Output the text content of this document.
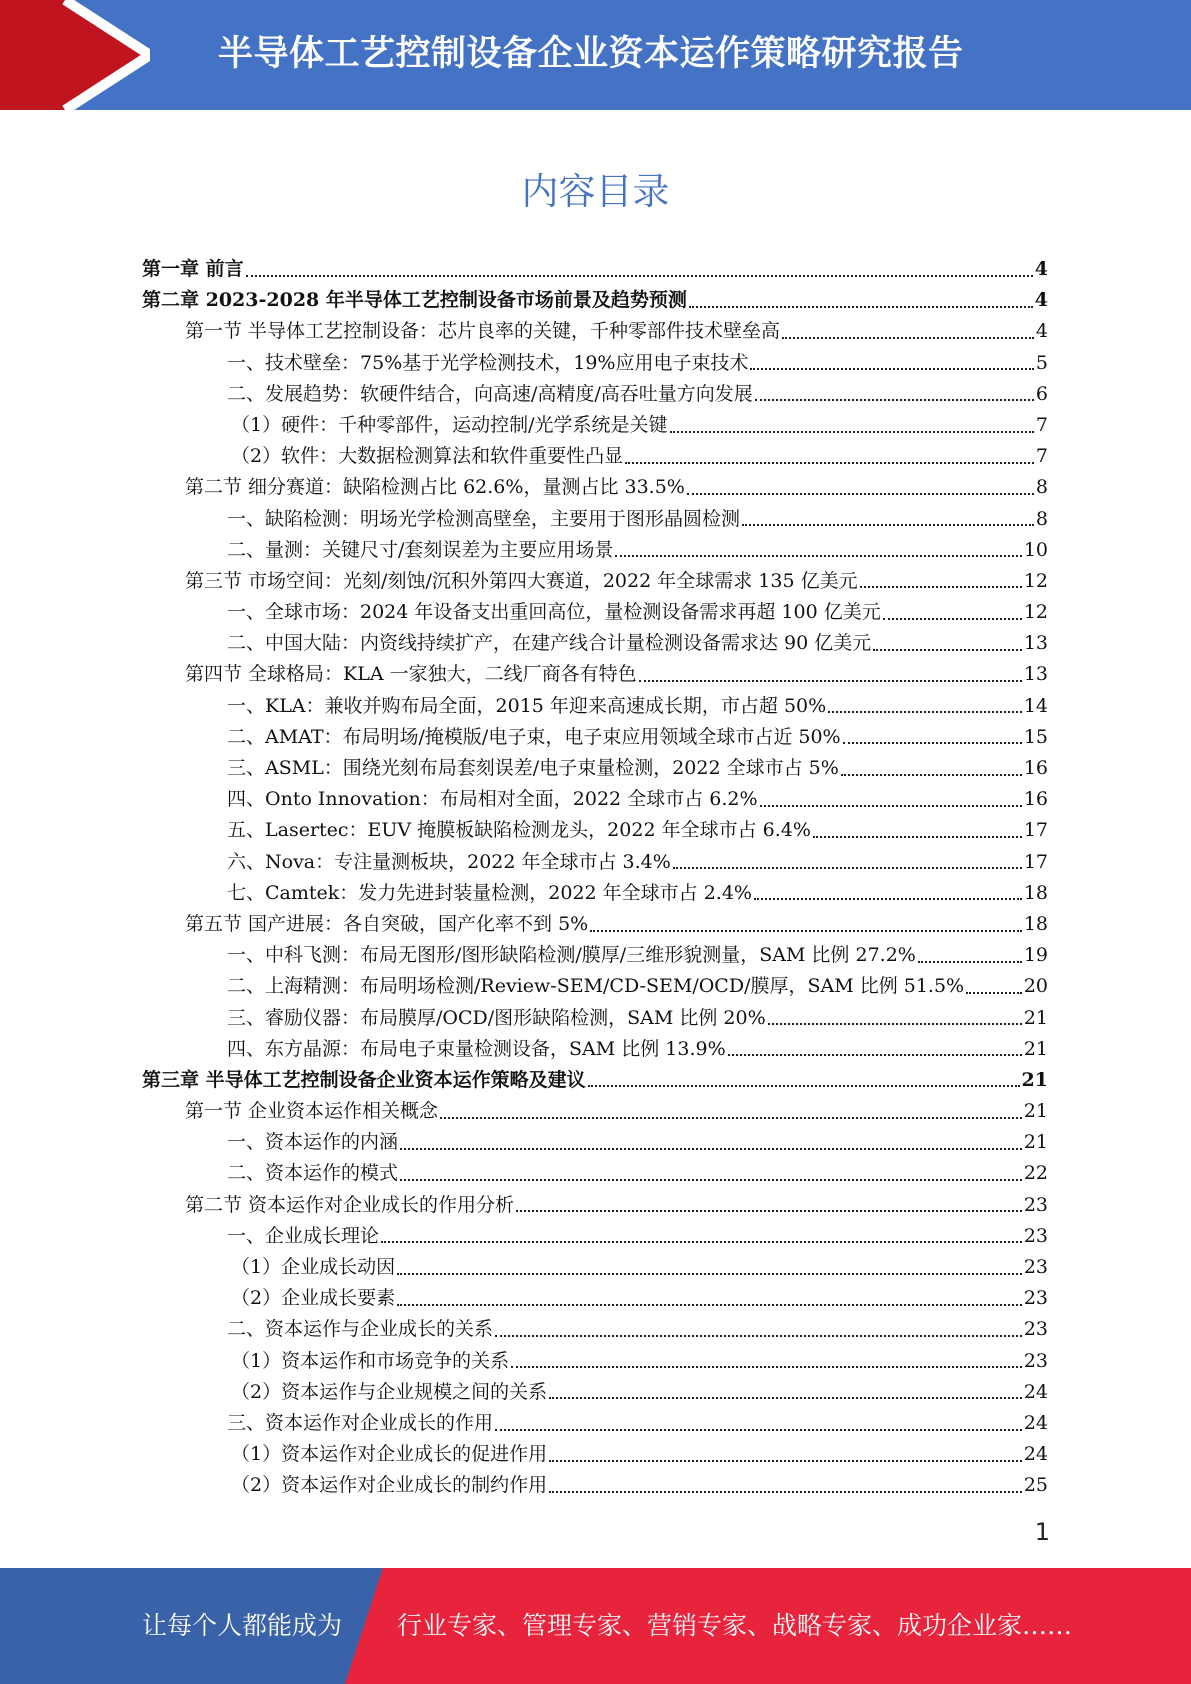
半导体工艺控制设备企业资本运作策略研究报告
内容目录
第一章 前言	4
第二章 2023-2028 年半导体工艺控制设备市场前景及趋势预测	4
第一节 半导体工艺控制设备：芯片良率的关键，千种零部件技术壁垒高	4
一、技术壁垒：75%基于光学检测技术，19%应用电子束技术	5
二、发展趋势：软硬件结合，向高速/高精度/高吞吐量方向发展	6
（1）硬件：千种零部件，运动控制/光学系统是关键	7
（2）软件：大数据检测算法和软件重要性凸显	7
第二节 细分赛道：缺陷检测占比 62.6%，量测占比 33.5%	8
一、缺陷检测：明场光学检测高壁垒，主要用于图形晶圆检测	8
二、量测：关键尺寸/套刻误差为主要应用场景	10
第三节 市场空间：光刻/刻蚀/沉积外第四大赛道，2022 年全球需求 135 亿美元	12
一、全球市场：2024 年设备支出重回高位，量检测设备需求再超 100 亿美元	12
二、中国大陆：内资线持续扩产，在建产线合计量检测设备需求达 90 亿美元	13
第四节 全球格局：KLA 一家独大，二线厂商各有特色	13
一、KLA：兼收并购布局全面，2015 年迎来高速成长期，市占超 50%	14
二、AMAT：布局明场/掩模版/电子束，电子束应用领域全球市占近 50%	15
三、ASML：围绕光刻布局套刻误差/电子束量检测，2022 全球市占 5%	16
四、Onto Innovation：布局相对全面，2022 全球市占 6.2%	16
五、Lasertec：EUV 掩膜板缺陷检测龙头，2022 年全球市占 6.4%	17
六、Nova：专注量测板块，2022 年全球市占 3.4%	17
七、Camtek：发力先进封装量检测，2022 年全球市占 2.4%	18
第五节 国产进展：各自突破，国产化率不到 5%	18
一、中科飞测：布局无图形/图形缺陷检测/膜厚/三维形貌测量，SAM 比例 27.2%	19
二、上海精测：布局明场检测/Review-SEM/CD-SEM/OCD/膜厚，SAM 比例 51.5%	20
三、睿励仪器：布局膜厚/OCD/图形缺陷检测，SAM 比例 20%	21
四、东方晶源：布局电子束量检测设备，SAM 比例 13.9%	21
第三章 半导体工艺控制设备企业资本运作策略及建议	21
第一节 企业资本运作相关概念	21
一、资本运作的内涵	21
二、资本运作的模式	22
第二节 资本运作对企业成长的作用分析	23
一、企业成长理论	23
（1）企业成长动因	23
（2）企业成长要素	23
二、资本运作与企业成长的关系	23
（1）资本运作和市场竞争的关系	23
（2）资本运作与企业规模之间的关系	24
三、资本运作对企业成长的作用	24
（1）资本运作对企业成长的促进作用	24
（2）资本运作对企业成长的制约作用	25
1
让每个人都能成为 行业专家、管理专家、营销专家、战略专家、成功企业家……
